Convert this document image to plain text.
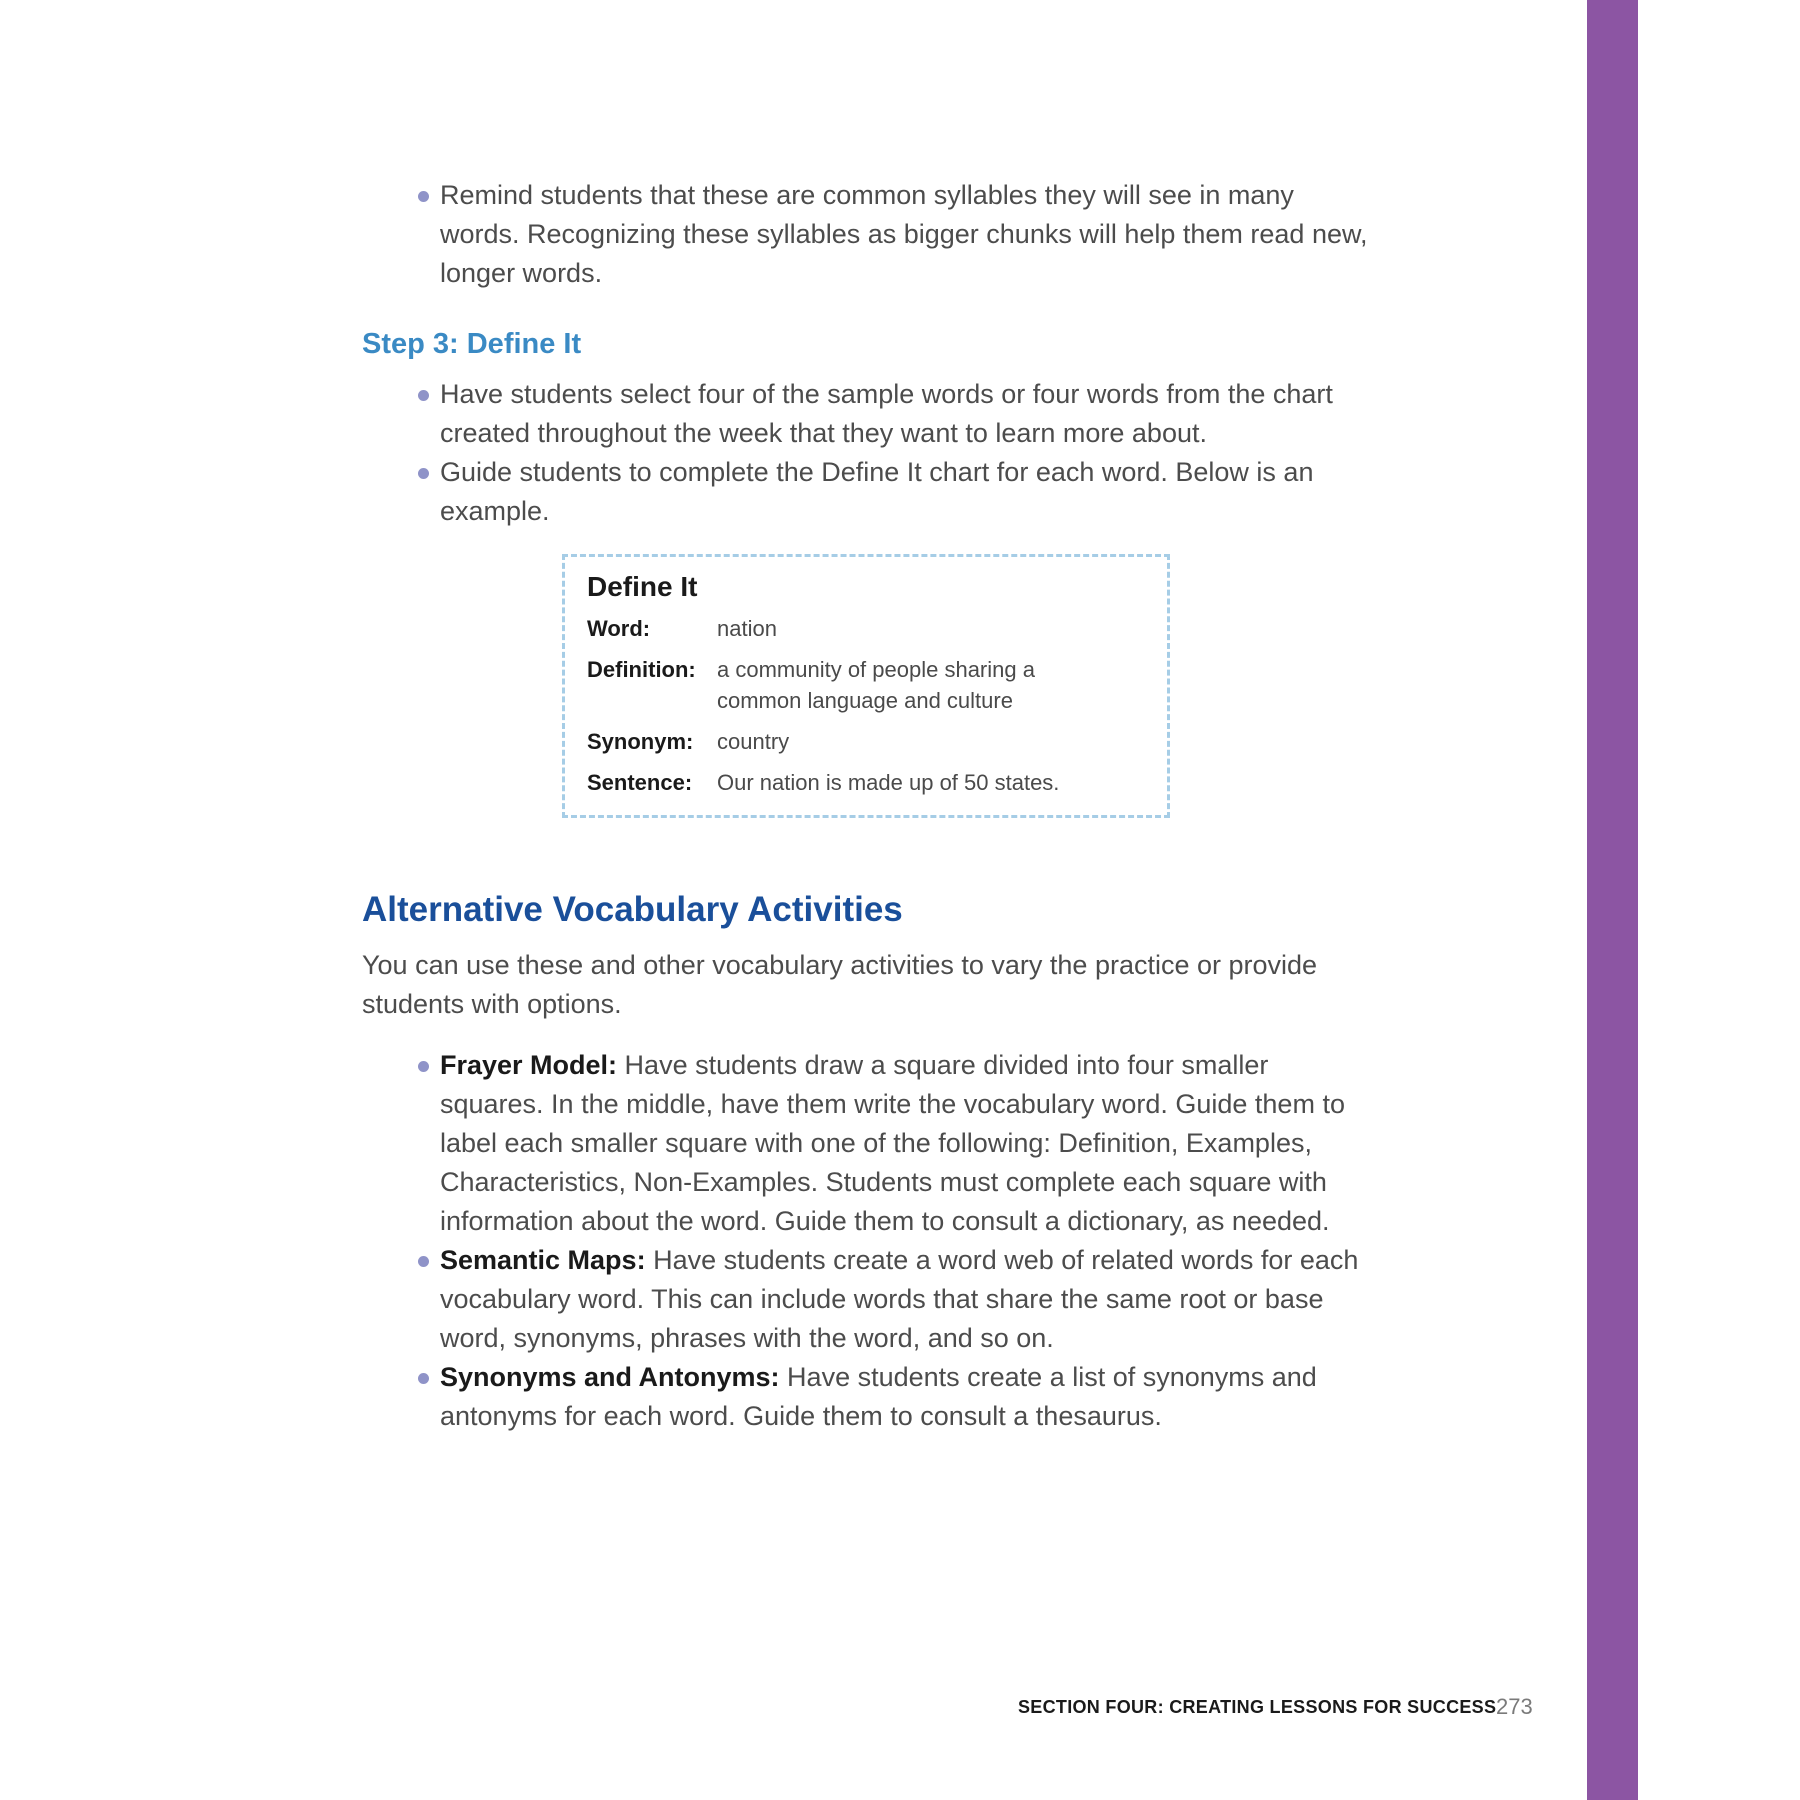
Remind students that these are common syllables they will see in many words. Recognizing these syllables as bigger chunks will help them read new, longer words.
Step 3: Define It
Have students select four of the sample words or four words from the chart created throughout the week that they want to learn more about.
Guide students to complete the Define It chart for each word. Below is an example.
Define It
Word:	nation
Definition: a community of people sharing a common language and culture
Synonym:	country
Sentence:	Our nation is made up of 50 states.
Alternative Vocabulary Activities

You can use these and other vocabulary activities to vary the practice or provide students with options.

Frayer Model: Have students draw a square divided into four smaller squares. In the middle, have them write the vocabulary word. Guide them to label each smaller square with one of the following: Definition, Examples, Characteristics, Non-Examples. Students must complete each square with information about the word. Guide them to consult a dictionary, as needed.
Semantic Maps: Have students create a word web of related words for each vocabulary word. This can include words that share the same root or base word, synonyms, phrases with the word, and so on.
Synonyms and Antonyms: Have students create a list of synonyms and antonyms for each word. Guide them to consult a thesaurus.
SECTION FOUR: CREATING LESSONS FOR SUCCESS 273
